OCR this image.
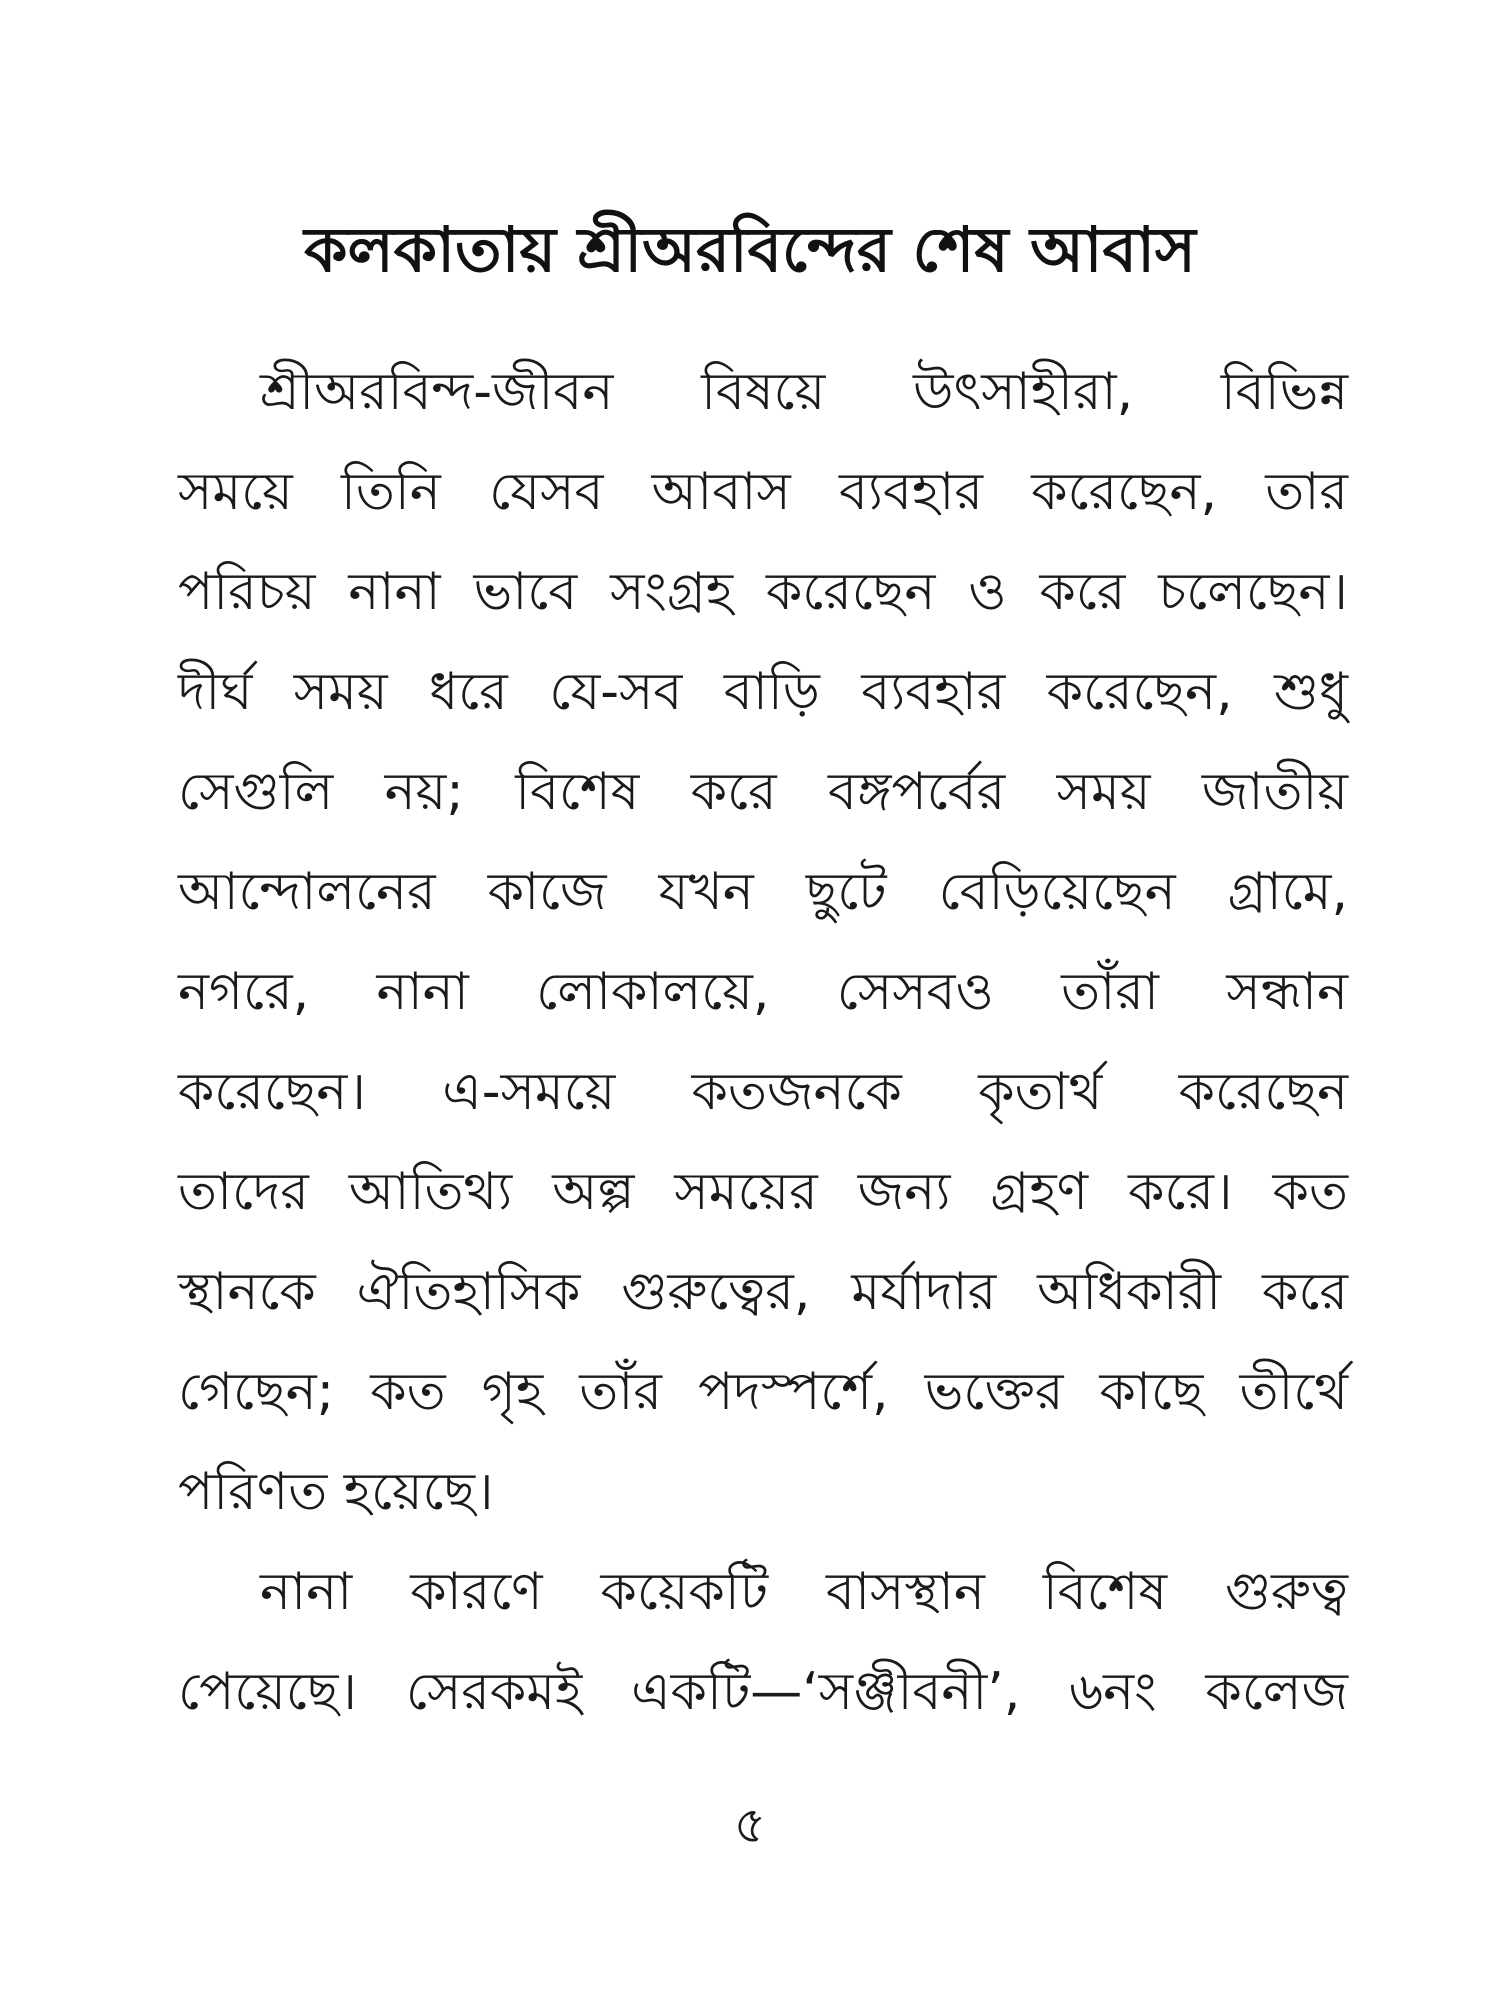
কলকাতায় শ্রীঅরবিন্দের শেষ আবাস
শ্রীঅরবিন্দ-জীবন বিষয়ে উৎসাহীরা, বিভিন্ন
সময়ে তিনি যেসব আবাস ব্যবহার করেছেন, তার
পরিচয় নানা ভাবে সংগ্রহ করেছেন ও করে চলেছেন।
দীর্ঘ সময় ধরে যে-সব বাড়ি ব্যবহার করেছেন, শুধু
সেগুলি নয়; বিশেষ করে বঙ্গপর্বের সময় জাতীয়
আন্দোলনের কাজে যখন ছুটে বেড়িয়েছেন গ্রামে,
নগরে, নানা লোকালয়ে, সেসবও তাঁরা সন্ধান
করেছেন। এ-সময়ে কতজনকে কৃতার্থ করেছেন
তাদের আতিথ্য অল্প সময়ের জন্য গ্রহণ করে। কত
স্থানকে ঐতিহাসিক গুরুত্বের, মর্যাদার অধিকারী করে
গেছেন; কত গৃহ তাঁর পদস্পর্শে, ভক্তের কাছে তীর্থে
পরিণত হয়েছে।
নানা কারণে কয়েকটি বাসস্থান বিশেষ গুরুত্ব
পেয়েছে। সেরকমই একটি—‘সঞ্জীবনী’, ৬নং কলেজ
৫
